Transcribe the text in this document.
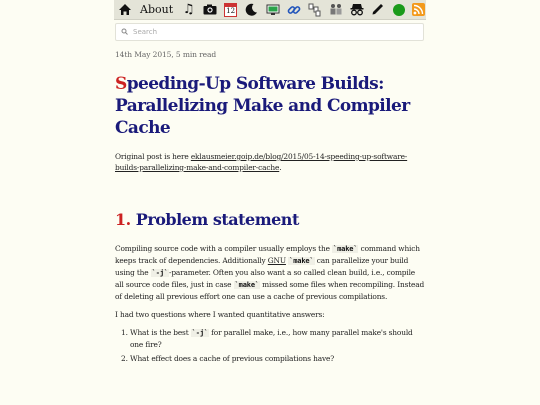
About ♫	12
Search

14th May 2015, 5 min read

Speeding-Up Software Builds: Parallelizing Make and Compiler Cache

Original post is here eklausmeier.goip.de/blog/2015/05-14-speeding-up-software-builds-parallelizing-make-and-compiler-cache.

1. Problem statement

Compiling source code with a compiler usually employs the `make` command which keeps track of dependencies. Additionally GNU `make` can parallelize your build using the `-j`-parameter. Often you also want a so called clean build, i.e., compile all source code files, just in case `make` missed some files when recompiling. Instead of deleting all previous effort one can use a cache of previous compilations.

I had two questions where I wanted quantitative answers:

1. What is the best `-j` for parallel make, i.e., how many parallel make's should one fire?
2. What effect does a cache of previous compilations have?
